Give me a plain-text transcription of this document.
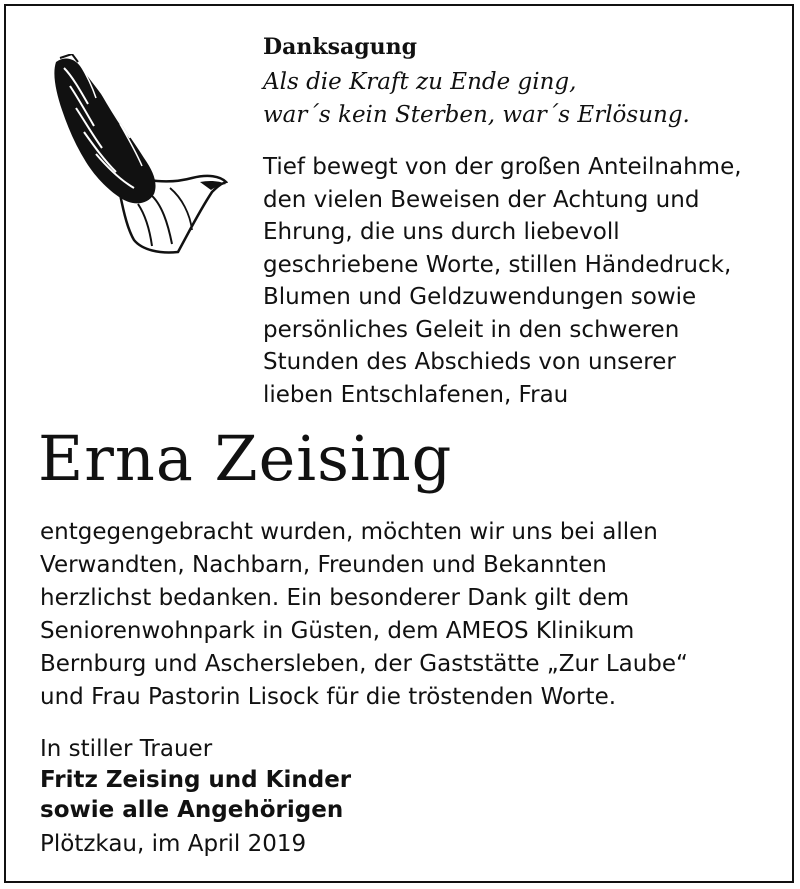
Danksagung
Als die Kraft zu Ende ging,
war´s kein Sterben, war´s Erlösung.
Tief bewegt von der großen Anteilnahme,
den vielen Beweisen der Achtung und
Ehrung, die uns durch liebevoll
geschriebene Worte, stillen Händedruck,
Blumen und Geldzuwendungen sowie
persönliches Geleit in den schweren
Stunden des Abschieds von unserer
lieben Entschlafenen, Frau
Erna Zeising
entgegengebracht wurden, möchten wir uns bei allen
Verwandten, Nachbarn, Freunden und Bekannten
herzlichst bedanken. Ein besonderer Dank gilt dem
Seniorenwohnpark in Güsten, dem AMEOS Klinikum
Bernburg und Aschersleben, der Gaststätte „Zur Laube“
und Frau Pastorin Lisock für die tröstenden Worte.
In stiller Trauer
Fritz Zeising und Kinder
sowie alle Angehörigen
Plötzkau, im April 2019
